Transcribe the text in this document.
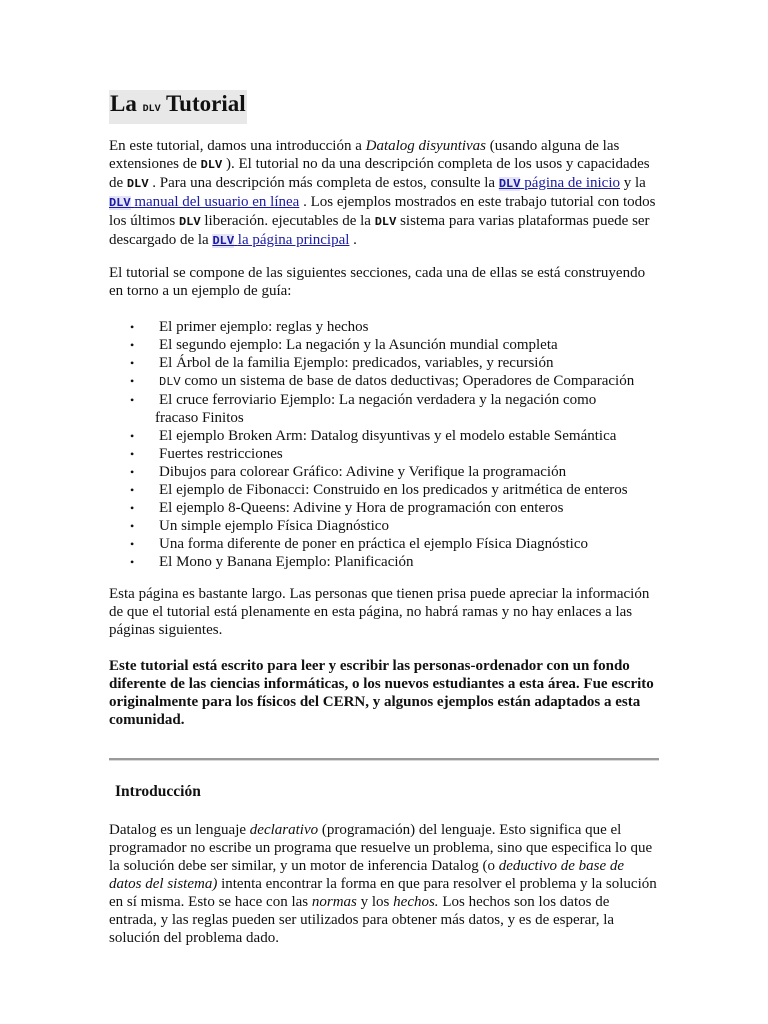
La DLV Tutorial

En este tutorial, damos una introducción a Datalog disyuntivas (usando alguna de las extensiones de DLV ). El tutorial no da una descripción completa de los usos y capacidades de DLV . Para una descripción más completa de estos, consulte la DLV página de inicio y la DLV manual del usuario en línea . Los ejemplos mostrados en este trabajo tutorial con todos los últimos DLV liberación. ejecutables de la DLV sistema para varias plataformas puede ser descargado de la DLV la página principal .

El tutorial se compone de las siguientes secciones, cada una de ellas se está construyendo en torno a un ejemplo de guía:

• El primer ejemplo: reglas y hechos
• El segundo ejemplo: La negación y la Asunción mundial completa
• El Árbol de la familia Ejemplo: predicados, variables, y recursión
• DLV como un sistema de base de datos deductivas; Operadores de Comparación
• El cruce ferroviario Ejemplo: La negación verdadera y la negación como
fracaso Finitos
• El ejemplo Broken Arm: Datalog disyuntivas y el modelo estable Semántica
• Fuertes restricciones
• Dibujos para colorear Gráfico: Adivine y Verifique la programación
• El ejemplo de Fibonacci: Construido en los predicados y aritmética de enteros
• El ejemplo 8-Queens: Adivine y Hora de programación con enteros
• Un simple ejemplo Física Diagnóstico
• Una forma diferente de poner en práctica el ejemplo Física Diagnóstico
• El Mono y Banana Ejemplo: Planificación

Esta página es bastante largo. Las personas que tienen prisa puede apreciar la información de que el tutorial está plenamente en esta página, no habrá ramas y no hay enlaces a las páginas siguientes.

Este tutorial está escrito para leer y escribir las personas-ordenador con un fondo diferente de las ciencias informáticas, o los nuevos estudiantes a esta área. Fue escrito originalmente para los físicos del CERN, y algunos ejemplos están adaptados a esta comunidad.

Introducción

Datalog es un lenguaje declarativo (programación) del lenguaje. Esto significa que el programador no escribe un programa que resuelve un problema, sino que especifica lo que la solución debe ser similar, y un motor de inferencia Datalog (o deductivo de base de datos del sistema) intenta encontrar la forma en que para resolver el problema y la solución en sí misma. Esto se hace con las normas y los hechos. Los hechos son los datos de entrada, y las reglas pueden ser utilizados para obtener más datos, y es de esperar, la solución del problema dado.
